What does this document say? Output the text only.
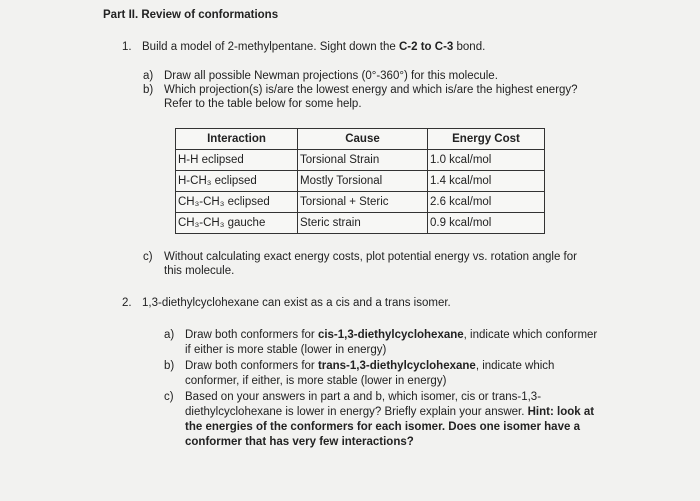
Part II. Review of conformations
1. Build a model of 2-methylpentane. Sight down the C-2 to C-3 bond.
a) Draw all possible Newman projections (0°-360°) for this molecule.
b) Which projection(s) is/are the lowest energy and which is/are the highest energy?
Refer to the table below for some help.
Interaction	Cause	Energy Cost
H-H eclipsed	Torsional Strain	1.0 kcal/mol
H-CH₃ eclipsed	Mostly Torsional	1.4 kcal/mol
CH₃-CH₃ eclipsed	Torsional + Steric	2.6 kcal/mol
CH₃-CH₃ gauche	Steric strain	0.9 kcal/mol
c) Without calculating exact energy costs, plot potential energy vs. rotation angle for
this molecule.
2. 1,3-diethylcyclohexane can exist as a cis and a trans isomer.
a) Draw both conformers for cis-1,3-diethylcyclohexane, indicate which conformer
if either is more stable (lower in energy)
b) Draw both conformers for trans-1,3-diethylcyclohexane, indicate which
conformer, if either, is more stable (lower in energy)
c) Based on your answers in part a and b, which isomer, cis or trans-1,3-
diethylcyclohexane is lower in energy? Briefly explain your answer. Hint: look at
the energies of the conformers for each isomer. Does one isomer have a
conformer that has very few interactions?
